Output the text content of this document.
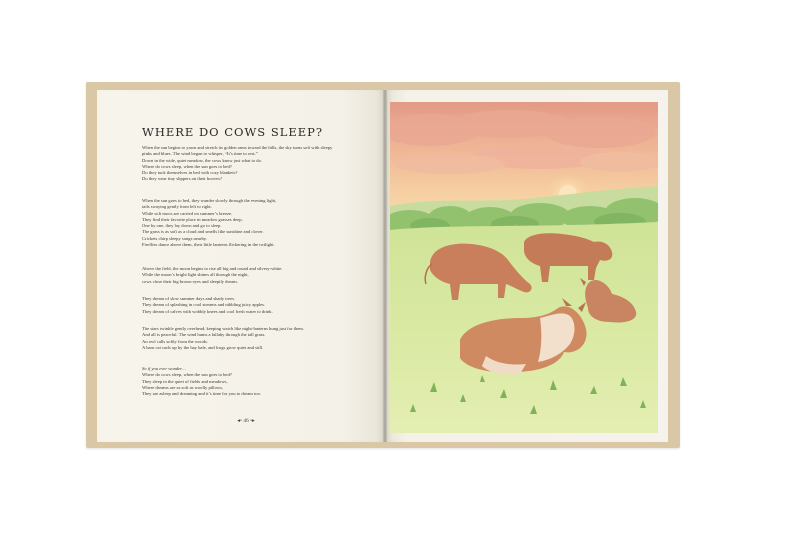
WHERE DO COWS SLEEP?
When the sun begins to yawn and stretch its golden arms toward the hills, the sky turns soft with sleepy
pinks and blues. The wind began to whisper, “It’s time to rest.”
Down in the wide, quiet meadow, the cows know just what to do.
Where do cows sleep, when the sun goes to bed?
Do they tuck themselves in bed with cozy blankets?
Do they wear tiny slippers on their hooves?
When the sun goes to bed, they wander slowly through the evening light,
tails swaying gently from left to right.
While soft moos are carried on summer’s breeze.
They find their favorite place in meadow grasses deep,
One by one, they lay down and go to sleep.
The grass is as soft as a cloud and smells like sunshine and clover.
Crickets chirp sleepy songs nearby.
Fireflies dance above them, their little lanterns flickering in the twilight.
Above the field, the moon begins to rise all big and round and silvery-white.
While the moon’s bright light shines all through the night,
cows close their big brown eyes and sleepily dream.
They dream of slow summer days and shady trees.
They dream of splashing in cool streams and nibbling juicy apples.
They dream of calves with wobbly knees and cool fresh water to drink.
The stars twinkle gently overhead, keeping watch like night-lanterns hung just for them.
And all is peaceful. The wind hums a lullaby through the tall grass.
An owl calls softly from the woods.
A barn cat curls up by the hay bale, and frogs grow quiet and still.
So if you ever wonder…
Where do cows sleep, when the sun goes to bed?
They sleep in the quiet of fields and meadows,
Where dreams are as soft as woolly pillows,
They are asleep and dreaming and it’s time for you to dream too.
◂• 46 •▸
